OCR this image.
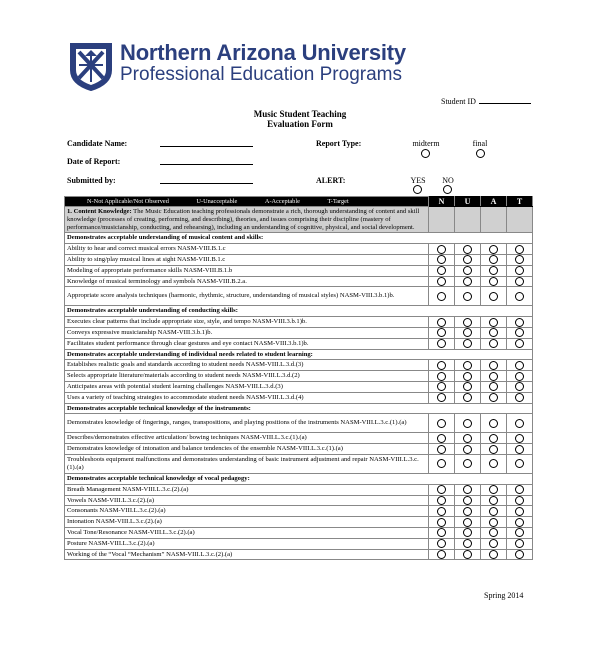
Northern Arizona University
Professional Education Programs
Student ID
Music Student Teaching
Evaluation Form
Candidate Name:
Date of Report:
Submitted by:
Report Type:	midterm	final
ALERT:	YES	NO
N-Not Applicable/Not Observed U-Unacceptable A-Acceptable T-Target	N	U	A	T
1. Content Knowledge: The Music Education teaching professionals demonstrate a rich, thorough understanding of content and skill knowledge (processes of creating, performing, and describing), theories, and issues comprising their discipline (mastery of performance/musicianship, conducting, and rehearsing), including an understanding of cognitive, physical, and social development.				
Demonstrates acceptable understanding of musical content and skills:				
Ability to hear and correct musical errors NASM-VIII.B.1.c				
Ability to sing/play musical lines at sight NASM-VIII.B.1.c				
Modeling of appropriate performance skills NASM-VIII.B.1.b				
Knowledge of musical terminology and symbols NASM-VIII.B.2.a.				
Appropriate score analysis techniques (harmonic, rhythmic, structure, understanding of musical styles) NASM-VIII.3.b.1)b.				
Demonstrates acceptable understanding of conducting skills:				
Executes clear patterns that include appropriate size, style, and tempo NASM-VIII.3.b.1)b.				
Conveys expressive musicianship NASM-VIII.3.b.1)b.				
Facilitates student performance through clear gestures and eye contact NASM-VIII.3.b.1)b.				
Demonstrates acceptable understanding of individual needs related to student learning:				
Establishes realistic goals and standards according to student needs NASM-VIII.L.3.d.(3)				
Selects appropriate literature/materials according to student needs NASM-VIII.L.3.d.(2)				
Anticipates areas with potential student learning challenges NASM-VIII.L.3.d.(3)				
Uses a variety of teaching strategies to accommodate student needs NASM-VIII.L.3.d.(4)				
Demonstrates acceptable technical knowledge of the instruments:				
Demonstrates knowledge of fingerings, ranges, transpositions, and playing positions of the instruments NASM-VIII.L.3.c.(1).(a)				
Describes/demonstrates effective articulation/ bowing techniques NASM-VIII.L.3.c.(1).(a)				
Demonstrates knowledge of intonation and balance tendencies of the ensemble NASM-VIII.L.3.c.(1).(a)				
Troubleshoots equipment malfunctions and demonstrates understanding of basic instrument adjustment and repair NASM-VIII.L.3.c.(1).(a)				
Demonstrates acceptable technical knowledge of vocal pedagogy:				
Breath Management NASM-VIII.L.3.c.(2).(a)				
Vowels NASM-VIII.L.3.c.(2).(a)				
Consonants NASM-VIII.L.3.c.(2).(a)				
Intonation NASM-VIII.L.3.c.(2).(a)				
Vocal Tone/Resonance NASM-VIII.L.3.c.(2).(a)				
Posture NASM-VIII.L.3.c.(2).(a)				
Working of the “Vocal “Mechanism” NASM-VIII.L.3.c.(2).(a)				
Spring 2014
